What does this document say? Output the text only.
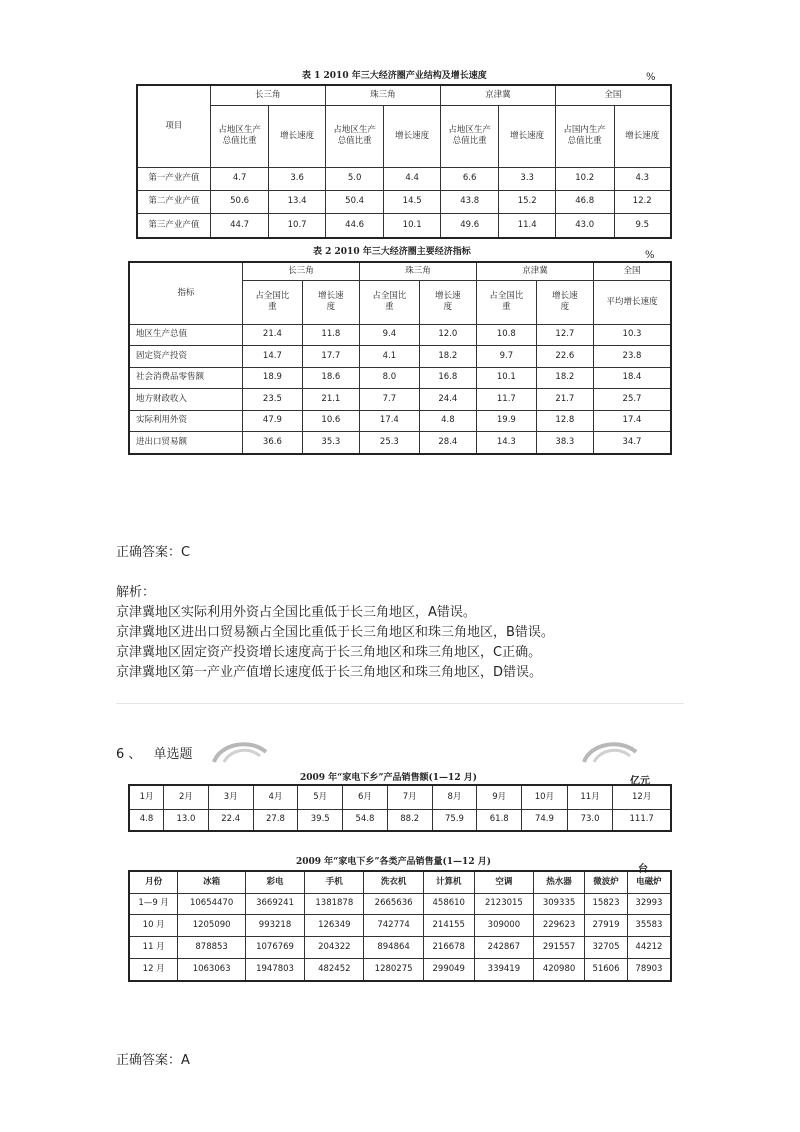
表 1 2010 年三大经济圈产业结构及增长速度	%
项目	长三角		珠三角		京津冀		全国	
	占地区生产总值比重	增长速度	占地区生产总值比重	增长速度	占地区生产总值比重	增长速度	占国内生产总值比重	增长速度
第一产业产值	4.7	3.6	5.0	4.4	6.6	3.3	10.2	4.3
第二产业产值	50.6	13.4	50.4	14.5	43.8	15.2	46.8	12.2
第三产业产值	44.7	10.7	44.6	10.1	49.6	11.4	43.0	9.5
表 2 2010 年三大经济圈主要经济指标	%
指标	长三角		珠三角		京津冀		全国
	占全国比重	增长速度	占全国比重	增长速度	占全国比重	增长速度	平均增长速度
地区生产总值	21.4	11.8	9.4	12.0	10.8	12.7	10.3
固定资产投资	14.7	17.7	4.1	18.2	9.7	22.6	23.8
社会消费品零售额	18.9	18.6	8.0	16.8	10.1	18.2	18.4
地方财政收入	23.5	21.1	7.7	24.4	11.7	21.7	25.7
实际利用外资	47.9	10.6	17.4	4.8	19.9	12.8	17.4
进出口贸易额	36.6	35.3	25.3	28.4	14.3	38.3	34.7
正确答案：C
解析：
京津冀地区实际利用外资占全国比重低于长三角地区，A错误。
京津冀地区进出口贸易额占全国比重低于长三角地区和珠三角地区，B错误。
京津冀地区固定资产投资增长速度高于长三角地区和珠三角地区，C正确。
京津冀地区第一产业产值增长速度低于长三角地区和珠三角地区，D错误。
6 、 单选题
2009 年“家电下乡”产品销售额(1—12 月)	亿元
1月	2月	3月	4月	5月	6月	7月	8月	9月	10月	11月	12月
4.8	13.0	22.4	27.8	39.5	54.8	88.2	75.9	61.8	74.9	73.0	111.7
2009 年“家电下乡”各类产品销售量(1—12 月)
台
月份	冰箱	彩电	手机	洗衣机	计算机	空调	热水器	微波炉	电磁炉
1—9 月	10654470	3669241	1381878	2665636	458610	2123015	309335	15823	32993
10 月	1205090	993218	126349	742774	214155	309000	229623	27919	35583
11 月	878853	1076769	204322	894864	216678	242867	291557	32705	44212
12 月	1063063	1947803	482452	1280275	299049	339419	420980	51606	78903
正确答案：A
